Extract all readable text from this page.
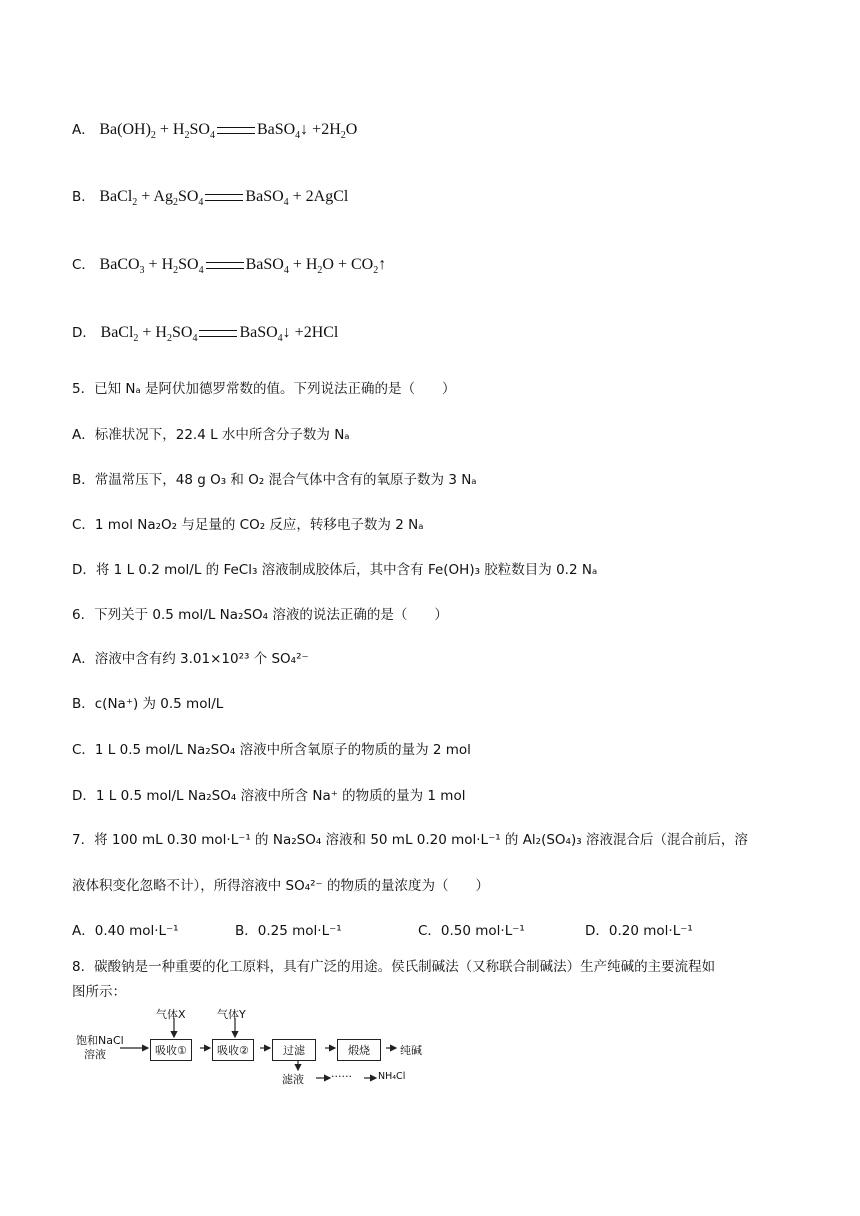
A． $Ba(OH)_2 + H_2SO_4$	BaSO$_4$↓ $+2H_2O$
B． BaCl$_2$ + $Ag_2SO_4$	BaSO$_4$ + 2AgCl
C． BaCO$_3$ + $H_2SO_4$	BaSO$_4$ + $H_2O$ + $CO_2↑$
D． BaCl$_2$ + $H_2SO_4$	BaSO$_4$↓ +2HCl
5．已知 Nₐ 是阿伏加德罗常数的值。下列说法正确的是（　　）
A．标准状况下，22.4 L 水中所含分子数为 Nₐ
B．常温常压下，48 g O₃ 和 O₂ 混合气体中含有的氧原子数为 3 Nₐ
C．1 mol Na₂O₂ 与足量的 CO₂ 反应，转移电子数为 2 Nₐ
D．将 1 L 0.2 mol/L 的 FeCl₃ 溶液制成胶体后，其中含有 Fe(OH)₃ 胶粒数目为 0.2 Nₐ
6．下列关于 0.5 mol/L Na₂SO₄ 溶液的说法正确的是（　　）
A．溶液中含有约 3.01×10²³ 个 SO₄²⁻
B．c(Na⁺) 为 0.5 mol/L
C．1 L 0.5 mol/L Na₂SO₄ 溶液中所含氧原子的物质的量为 2 mol
D．1 L 0.5 mol/L Na₂SO₄ 溶液中所含 Na⁺ 的物质的量为 1 mol
7．将 100 mL 0.30 mol·L⁻¹ 的 Na₂SO₄ 溶液和 50 mL 0.20 mol·L⁻¹ 的 Al₂(SO₄)₃ 溶液混合后（混合前后，溶
液体积变化忽略不计），所得溶液中 SO₄²⁻ 的物质的量浓度为（　　）
A．0.40 mol·L⁻¹	B．0.25 mol·L⁻¹	C．0.50 mol·L⁻¹	D．0.20 mol·L⁻¹
8．碳酸钠是一种重要的化工原料，具有广泛的用途。侯氏制碱法（又称联合制碱法）生产纯碱的主要流程如
图所示：
饱和NaCl
溶液
气体X	气体Y
吸收①	吸收②	过滤	煅烧	纯碱
滤液 ······	NH₄Cl
